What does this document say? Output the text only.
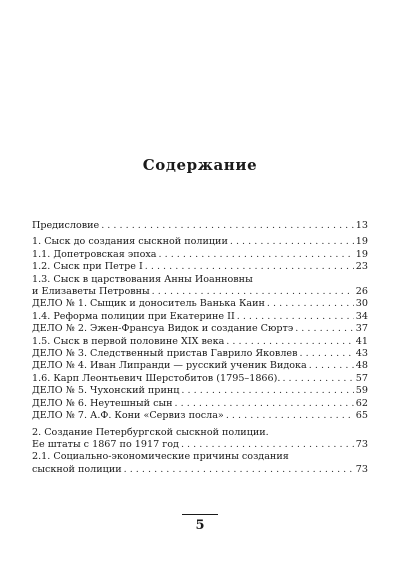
Содержание
Предисловие . . .	13
1. Сыск до создания сыскной полиции . . .	19
1.1. Допетровская эпоха . . .	19
1.2. Сыск при Петре I . . .	23
1.3. Сыск в царствования Анны Иоанновны
и Елизаветы Петровны . . .	26
ДЕЛО № 1. Сыщик и доноситель Ванька Каин . . .	30
1.4. Реформа полиции при Екатерине II . . .	34
ДЕЛО № 2. Эжен-Франсуа Видок и создание Сюртэ . . .	37
1.5. Сыск в первой половине XIX века . . .	41
ДЕЛО № 3. Следственный пристав Гаврило Яковлев . . .	43
ДЕЛО № 4. Иван Липранди — русский ученик Видока . . .	48
1.6. Карп Леонтьевич Шерстобитов (1795–1866). . . .	57
ДЕЛО № 5. Чухонский принц . . .	59
ДЕЛО № 6. Неутешный сын . . .	62
ДЕЛО № 7. А.Ф. Кони «Сервиз посла» . . .	65
2. Создание Петербургской сыскной полиции.
Ее штаты с 1867 по 1917 год . . .	73
2.1. Социально-экономические причины создания
сыскной полиции . . .	73
5
